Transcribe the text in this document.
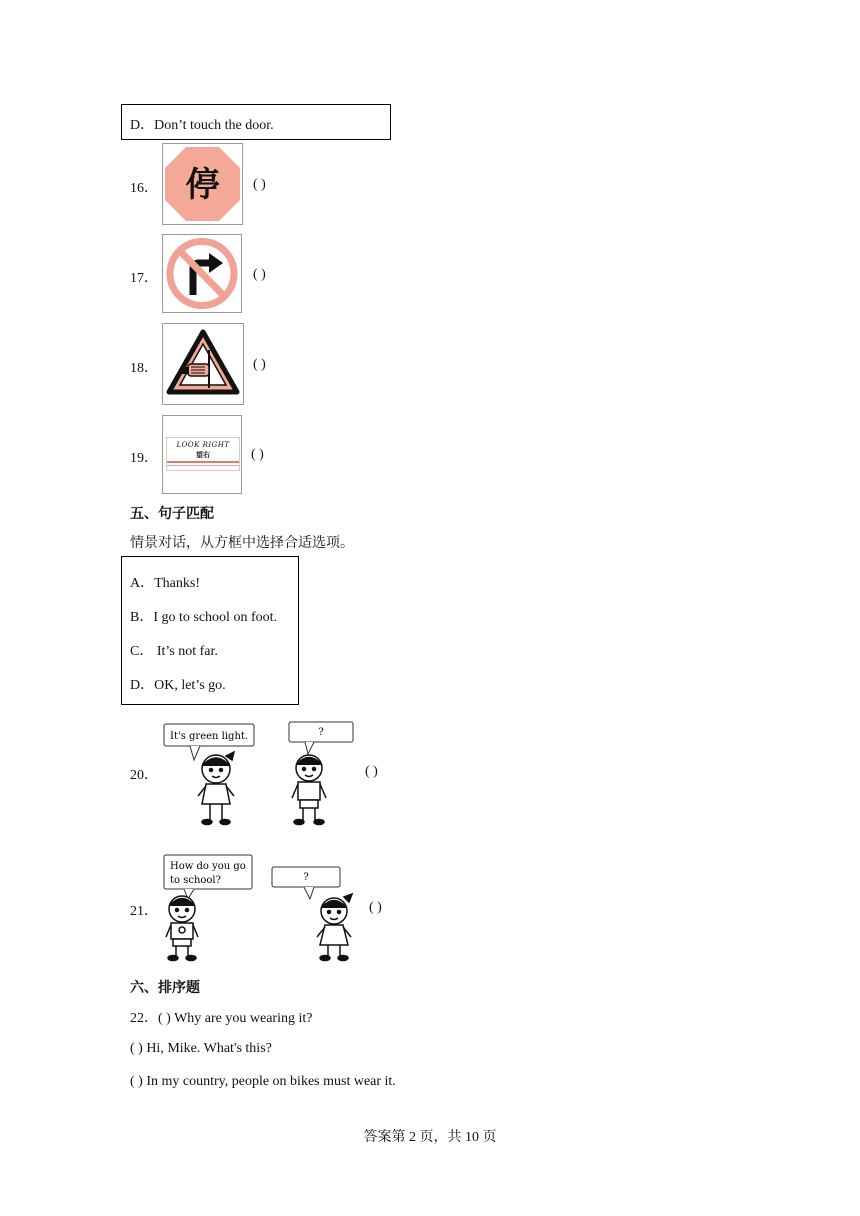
D．Don’t touch the door.
16． 停 ( )
17．	( )
18．	( )
19．
LOOK RIGHT
望右	( )
五、句子匹配
情景对话，从方框中选择合适选项。
A．Thanks!
B．I go to school on foot.
C． It’s not far.
D．OK, let’s go.
20．
It's green light.	?
( )
21．
How do you go
to school?	?
( )
六、排序题
22．( ) Why are you wearing it?
( ) Hi, Mike. What's this?
( ) In my country, people on bikes must wear it.
答案第 2 页，共 10 页
